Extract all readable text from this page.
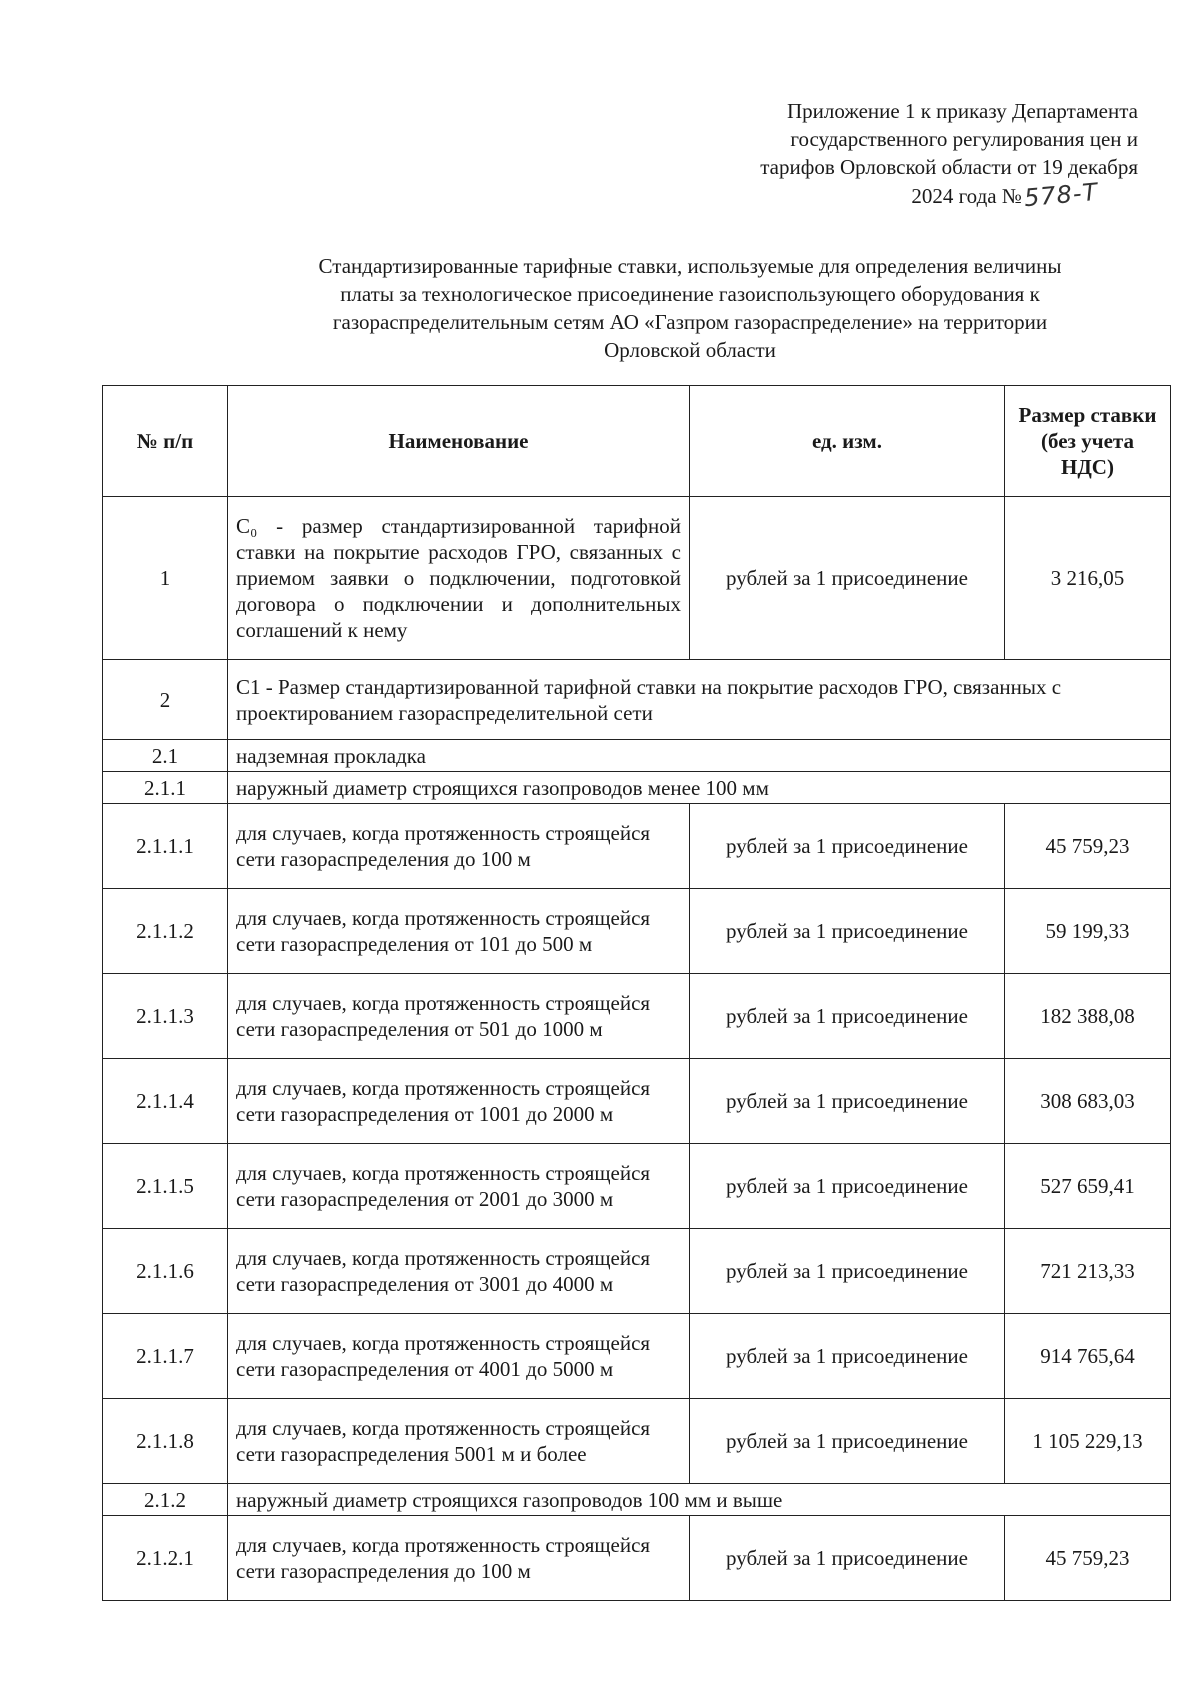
Приложение 1 к приказу Департамента
государственного регулирования цен и
тарифов Орловской области от 19 декабря
2024 года №578-Т
Стандартизированные тарифные ставки, используемые для определения величины
платы за технологическое присоединение газоиспользующего оборудования к
газораспределительным сетям АО «Газпром газораспределение» на территории
Орловской области
№ п/п	Наименование	ед. изм.	Размер ставки (без учета НДС)
1	С₀ - размер стандартизированной тарифной ставки на покрытие расходов ГРО, связанных с приемом заявки о подключении, подготовкой договора о подключении и дополнительных соглашений к нему	рублей за 1 присоединение	3 216,05
2	С1 - Размер стандартизированной тарифной ставки на покрытие расходов ГРО, связанных с проектированием газораспределительной сети		
2.1	надземная прокладка		
2.1.1	наружный диаметр строящихся газопроводов менее 100 мм		
2.1.1.1	для случаев, когда протяженность строящейся сети газораспределения до 100 м	рублей за 1 присоединение	45 759,23
2.1.1.2	для случаев, когда протяженность строящейся сети газораспределения от 101 до 500 м	рублей за 1 присоединение	59 199,33
2.1.1.3	для случаев, когда протяженность строящейся сети газораспределения от 501 до 1000 м	рублей за 1 присоединение	182 388,08
2.1.1.4	для случаев, когда протяженность строящейся сети газораспределения от 1001 до 2000 м	рублей за 1 присоединение	308 683,03
2.1.1.5	для случаев, когда протяженность строящейся сети газораспределения от 2001 до 3000 м	рублей за 1 присоединение	527 659,41
2.1.1.6	для случаев, когда протяженность строящейся сети газораспределения от 3001 до 4000 м	рублей за 1 присоединение	721 213,33
2.1.1.7	для случаев, когда протяженность строящейся сети газораспределения от 4001 до 5000 м	рублей за 1 присоединение	914 765,64
2.1.1.8	для случаев, когда протяженность строящейся сети газораспределения 5001 м и более	рублей за 1 присоединение	1 105 229,13
2.1.2	наружный диаметр строящихся газопроводов 100 мм и выше		
2.1.2.1	для случаев, когда протяженность строящейся сети газораспределения до 100 м	рублей за 1 присоединение	45 759,23
